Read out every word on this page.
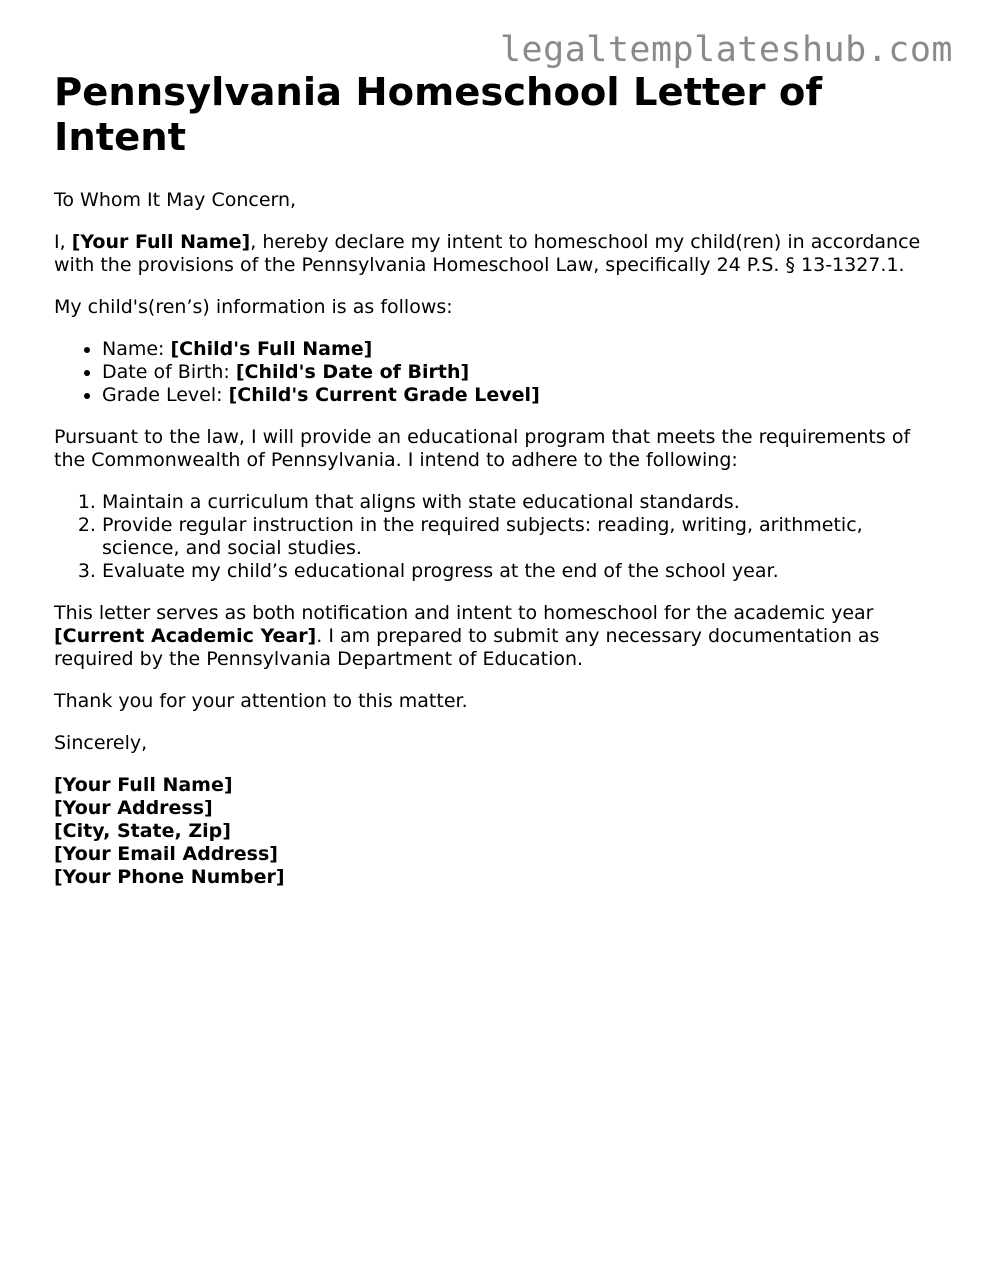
legaltemplateshub.com
Pennsylvania Homeschool Letter of Intent

To Whom It May Concern,

I, [Your Full Name], hereby declare my intent to homeschool my child(ren) in accordance with the provisions of the Pennsylvania Homeschool Law, specifically 24 P.S. § 13-1327.1.

My child's(ren’s) information is as follows:

• Name: [Child's Full Name]
• Date of Birth: [Child's Date of Birth]
• Grade Level: [Child's Current Grade Level]

Pursuant to the law, I will provide an educational program that meets the requirements of the Commonwealth of Pennsylvania. I intend to adhere to the following:

1. Maintain a curriculum that aligns with state educational standards.
2. Provide regular instruction in the required subjects: reading, writing, arithmetic, science, and social studies.
3. Evaluate my child’s educational progress at the end of the school year.

This letter serves as both notification and intent to homeschool for the academic year [Current Academic Year]. I am prepared to submit any necessary documentation as required by the Pennsylvania Department of Education.

Thank you for your attention to this matter.

Sincerely,

[Your Full Name]
[Your Address]
[City, State, Zip]
[Your Email Address]
[Your Phone Number]
